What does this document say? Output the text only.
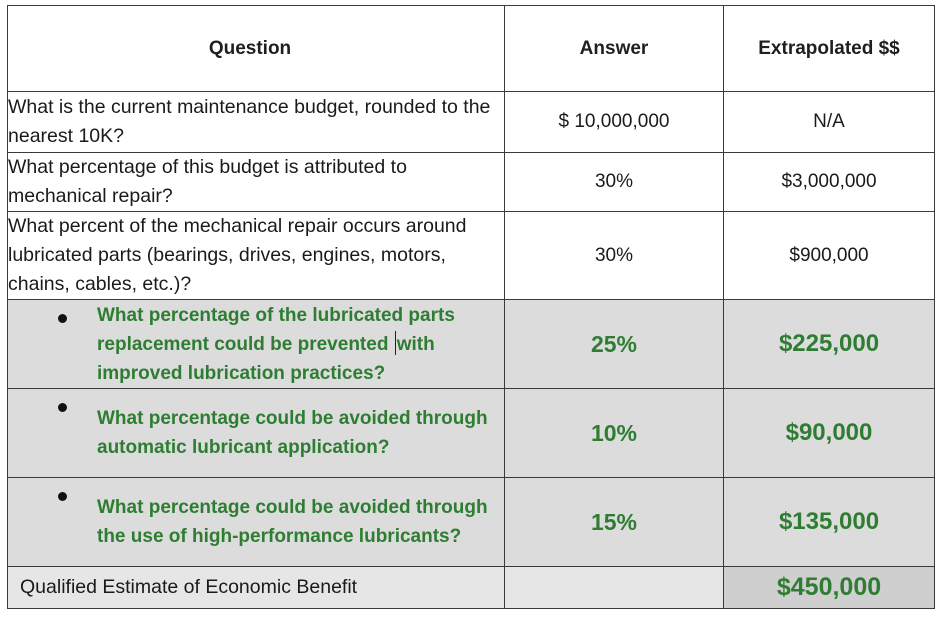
Question	Answer	Extrapolated $$
What is the current maintenance budget, rounded to the nearest 10K?	$ 10,000,000	N/A
What percentage of this budget is attributed to mechanical repair?	30%	$3,000,000
What percent of the mechanical repair occurs around lubricated parts (bearings, drives, engines, motors, chains, cables, etc.)?	30%	$900,000

What percentage of the lubricated parts replacement could be prevented with improved lubrication practices?	25%	$225,000

What percentage could be avoided through automatic lubricant application?	10%	$90,000

What percentage could be avoided through the use of high-performance lubricants?	15%	$135,000
Qualified Estimate of Economic Benefit		$450,000
